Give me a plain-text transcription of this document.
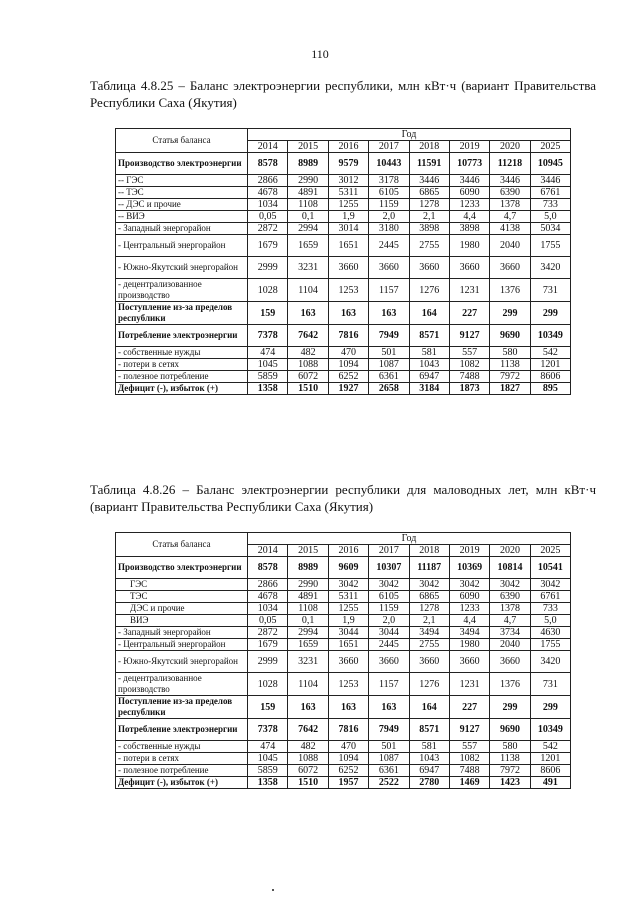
110
Таблица 4.8.25 – Баланс электроэнергии республики, млн кВт·ч (вариант Правительства Республики Саха (Якутия)
Статья баланса	Год							
	2014	2015	2016	2017	2018	2019	2020	2025
Производство электроэнергии	8578	8989	9579	10443	11591	10773	11218	10945
-- ГЭС	2866	2990	3012	3178	3446	3446	3446	3446
-- ТЭС	4678	4891	5311	6105	6865	6090	6390	6761
-- ДЭС и прочие	1034	1108	1255	1159	1278	1233	1378	733
-- ВИЭ	0,05	0,1	1,9	2,0	2,1	4,4	4,7	5,0
- Западный энергорайон	2872	2994	3014	3180	3898	3898	4138	5034
- Центральный энергорайон	1679	1659	1651	2445	2755	1980	2040	1755
- Южно-Якутский энергорайон	2999	3231	3660	3660	3660	3660	3660	3420
- децентрализованное производство	1028	1104	1253	1157	1276	1231	1376	731
Поступление из-за пределов республики	159	163	163	163	164	227	299	299
Потребление электроэнергии	7378	7642	7816	7949	8571	9127	9690	10349
- собственные нужды	474	482	470	501	581	557	580	542
- потери в сетях	1045	1088	1094	1087	1043	1082	1138	1201
- полезное потребление	5859	6072	6252	6361	6947	7488	7972	8606
Дефицит (-), избыток (+)	1358	1510	1927	2658	3184	1873	1827	895
Таблица 4.8.26 – Баланс электроэнергии республики для маловодных лет, млн кВт·ч (вариант Правительства Республики Саха (Якутия)
Статья баланса	Год							
	2014	2015	2016	2017	2018	2019	2020	2025
Производство электроэнергии	8578	8989	9609	10307	11187	10369	10814	10541
ГЭС	2866	2990	3042	3042	3042	3042	3042	3042
ТЭС	4678	4891	5311	6105	6865	6090	6390	6761
ДЭС и прочие	1034	1108	1255	1159	1278	1233	1378	733
ВИЭ	0,05	0,1	1,9	2,0	2,1	4,4	4,7	5,0
- Западный энергорайон	2872	2994	3044	3044	3494	3494	3734	4630
- Центральный энергорайон	1679	1659	1651	2445	2755	1980	2040	1755
- Южно-Якутский энергорайон	2999	3231	3660	3660	3660	3660	3660	3420
- децентрализованное производство	1028	1104	1253	1157	1276	1231	1376	731
Поступление из-за пределов республики	159	163	163	163	164	227	299	299
Потребление электроэнергии	7378	7642	7816	7949	8571	9127	9690	10349
- собственные нужды	474	482	470	501	581	557	580	542
- потери в сетях	1045	1088	1094	1087	1043	1082	1138	1201
- полезное потребление	5859	6072	6252	6361	6947	7488	7972	8606
Дефицит (-), избыток (+)	1358	1510	1957	2522	2780	1469	1423	491
